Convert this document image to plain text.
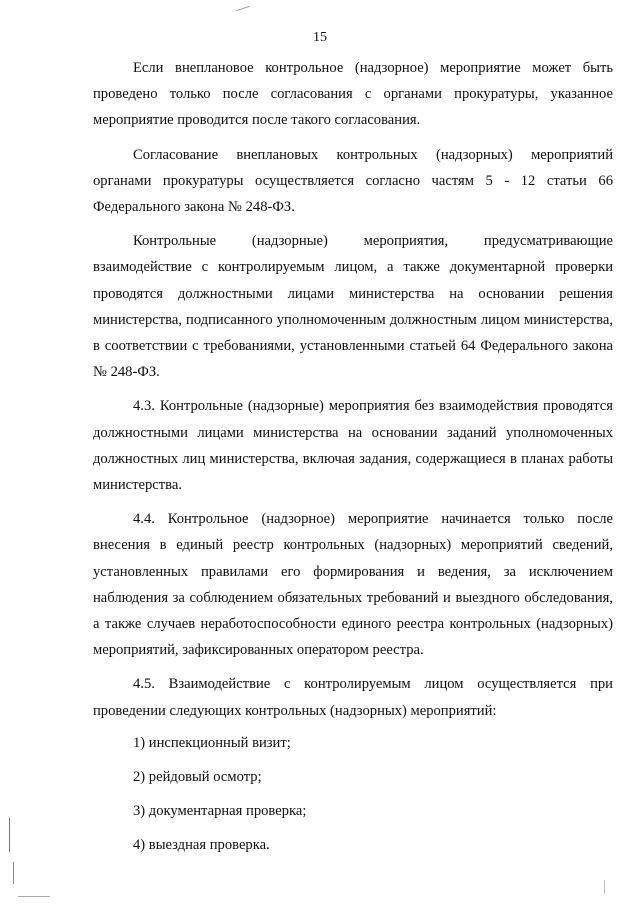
15

Если внеплановое контрольное (надзорное) мероприятие может быть проведено только после согласования с органами прокуратуры, указанное мероприятие проводится после такого согласования.

Согласование внеплановых контрольных (надзорных) мероприятий органами прокуратуры осуществляется согласно частям 5 - 12 статьи 66 Федерального закона № 248-ФЗ.

Контрольные (надзорные) мероприятия, предусматривающие взаимодействие с контролируемым лицом, а также документарной проверки проводятся должностными лицами министерства на основании решения министерства, подписанного уполномоченным должностным лицом министерства, в соответствии с требованиями, установленными статьей 64 Федерального закона № 248-ФЗ.

4.3. Контрольные (надзорные) мероприятия без взаимодействия проводятся должностными лицами министерства на основании заданий уполномоченных должностных лиц министерства, включая задания, содержащиеся в планах работы министерства.

4.4. Контрольное (надзорное) мероприятие начинается только после внесения в единый реестр контрольных (надзорных) мероприятий сведений, установленных правилами его формирования и ведения, за исключением наблюдения за соблюдением обязательных требований и выездного обследования, а также случаев неработоспособности единого реестра контрольных (надзорных) мероприятий, зафиксированных оператором реестра.

4.5. Взаимодействие с контролируемым лицом осуществляется при проведении следующих контрольных (надзорных) мероприятий:

1) инспекционный визит;
2) рейдовый осмотр;
3) документарная проверка;
4) выездная проверка.
